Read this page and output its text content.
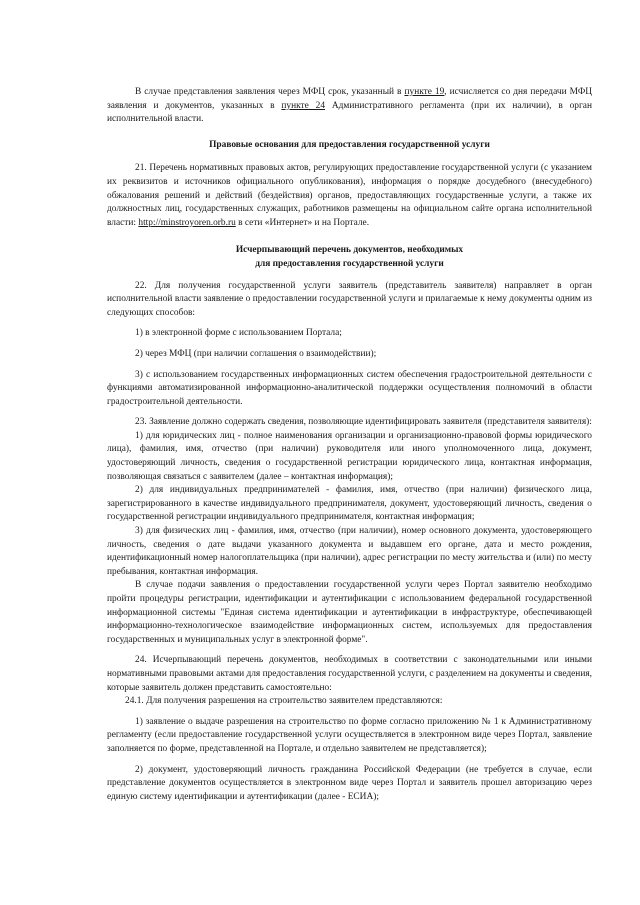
В случае представления заявления через МФЦ срок, указанный в пункте 19, исчисляется со дня передачи МФЦ заявления и документов, указанных в пункте 24 Административного регламента (при их наличии), в орган исполнительной власти.

Правовые основания для предоставления государственной услуги

21. Перечень нормативных правовых актов, регулирующих предоставление государственной услуги (с указанием их реквизитов и источников официального опубликования), информация о порядке досудебного (внесудебного) обжалования решений и действий (бездействия) органов, предоставляющих государственные услуги, а также их должностных лиц, государственных служащих, работников размещены на официальном сайте органа исполнительной власти: http://minstroyoren.orb.ru в сети «Интернет» и на Портале.

Исчерпывающий перечень документов, необходимых
для предоставления государственной услуги

22. Для получения государственной услуги заявитель (представитель заявителя) направляет в орган исполнительной власти заявление о предоставлении государственной услуги и прилагаемые к нему документы одним из следующих способов:

1) в электронной форме с использованием Портала;

2) через МФЦ (при наличии соглашения о взаимодействии);

3) с использованием государственных информационных систем обеспечения градостроительной деятельности с функциями автоматизированной информационно-аналитической поддержки осуществления полномочий в области градостроительной деятельности.

23. Заявление должно содержать сведения, позволяющие идентифицировать заявителя (представителя заявителя):

1) для юридических лиц - полное наименования организации и организационно-правовой формы юридического лица), фамилия, имя, отчество (при наличии) руководителя или иного уполномоченного лица, документ, удостоверяющий личность, сведения о государственной регистрации юридического лица, контактная информация, позволяющая связаться с заявителем (далее – контактная информация);

2) для индивидуальных предпринимателей - фамилия, имя, отчество (при наличии) физического лица, зарегистрированного в качестве индивидуального предпринимателя, документ, удостоверяющий личность, сведения о государственной регистрации индивидуального предпринимателя, контактная информация;

3) для физических лиц - фамилия, имя, отчество (при наличии), номер основного документа, удостоверяющего личность, сведения о дате выдачи указанного документа и выдавшем его органе, дата и место рождения, идентификационный номер налогоплательщика (при наличии), адрес регистрации по месту жительства и (или) по месту пребывания, контактная информация.

В случае подачи заявления о предоставлении государственной услуги через Портал заявителю необходимо пройти процедуры регистрации, идентификации и аутентификации с использованием федеральной государственной информационной системы "Единая система идентификации и аутентификации в инфраструктуре, обеспечивающей информационно-технологическое взаимодействие информационных систем, используемых для предоставления государственных и муниципальных услуг в электронной форме".

24. Исчерпывающий перечень документов, необходимых в соответствии с законодательными или иными нормативными правовыми актами для предоставления государственной услуги, с разделением на документы и сведения, которые заявитель должен представить самостоятельно:

24.1. Для получения разрешения на строительство заявителем представляются:

1) заявление о выдаче разрешения на строительство по форме согласно приложению № 1 к Административному регламенту (если предоставление государственной услуги осуществляется в электронном виде через Портал, заявление заполняется по форме, представленной на Портале, и отдельно заявителем не представляется);

2) документ, удостоверяющий личность гражданина Российской Федерации (не требуется в случае, если представление документов осуществляется в электронном виде через Портал и заявитель прошел авторизацию через единую систему идентификации и аутентификации (далее - ЕСИА);
